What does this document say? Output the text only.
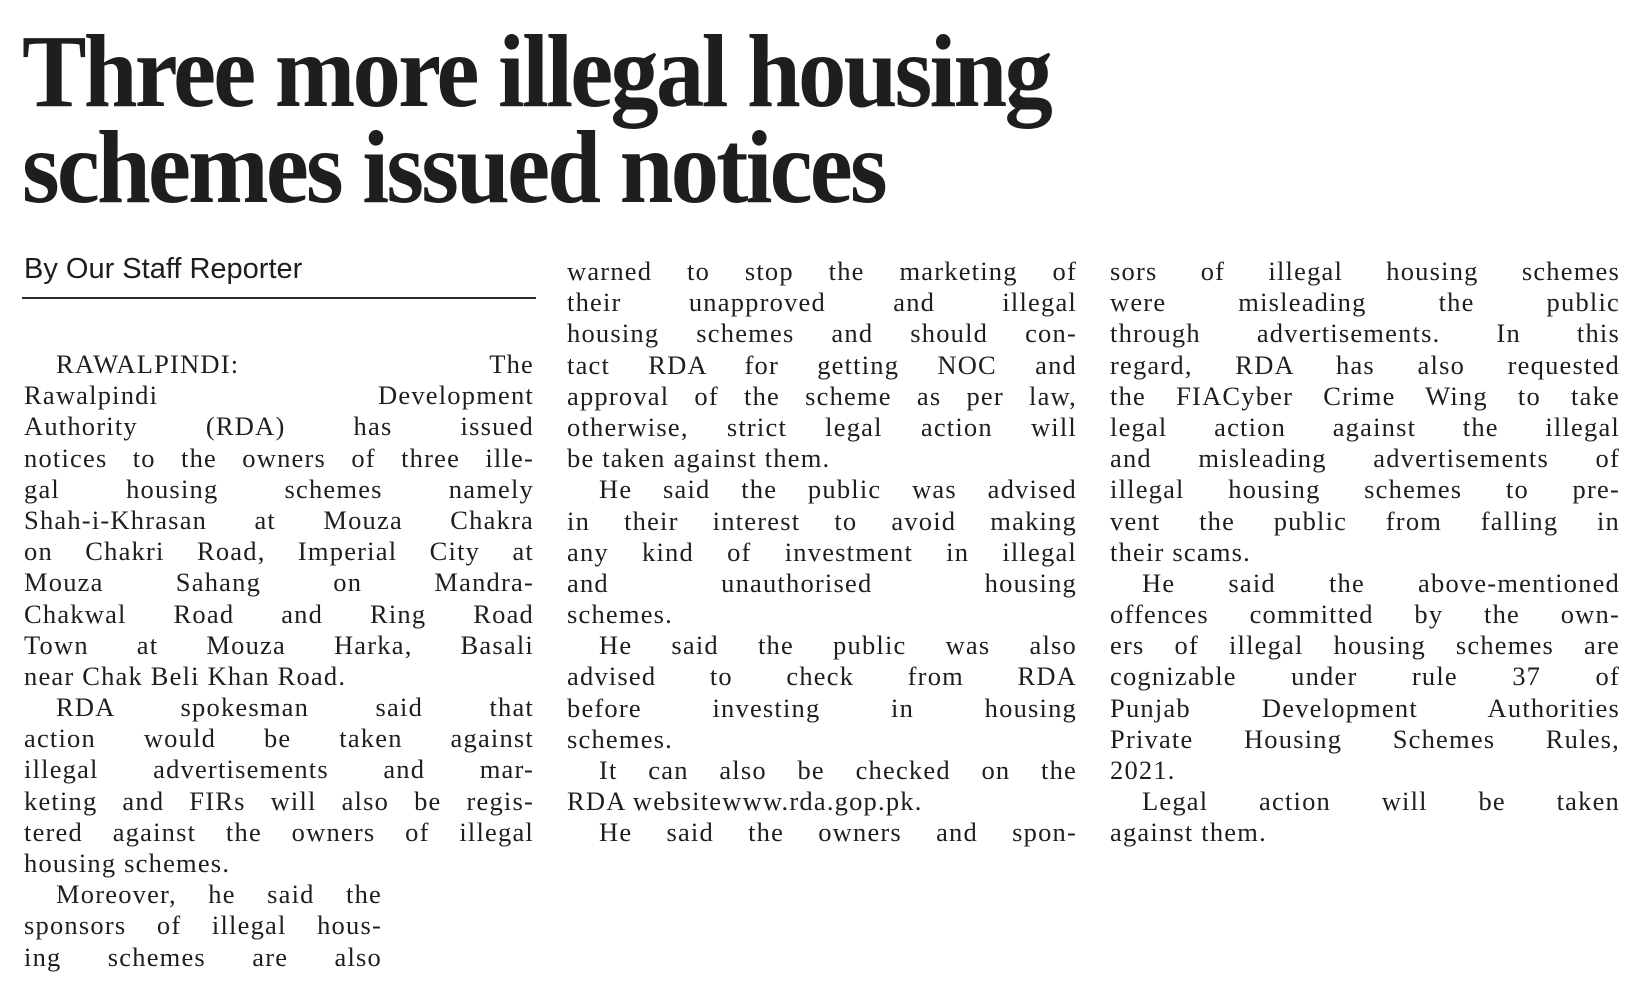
Three more illegal housing
schemes issued notices
By Our Staff Reporter
RAWALPINDI: The
Rawalpindi Development
Authority (RDA) has issued
notices to the owners of three ille-
gal housing schemes namely
Shah-i-Khrasan at Mouza Chakra
on Chakri Road, Imperial City at
Mouza Sahang on Mandra-
Chakwal Road and Ring Road
Town at Mouza Harka, Basali
near Chak Beli Khan Road.
RDA spokesman said that
action would be taken against
illegal advertisements and mar-
keting and FIRs will also be regis-
tered against the owners of illegal
housing schemes.
Moreover, he said the
sponsors of illegal hous-
ing schemes are also
warned to stop the marketing of
their unapproved and illegal
housing schemes and should con-
tact RDA for getting NOC and
approval of the scheme as per law,
otherwise, strict legal action will
be taken against them.
He said the public was advised
in their interest to avoid making
any kind of investment in illegal
and unauthorised housing
schemes.
He said the public was also
advised to check from RDA
before investing in housing
schemes.
It can also be checked on the
RDA websitewww.rda.gop.pk.
He said the owners and spon-
sors of illegal housing schemes
were misleading the public
through advertisements. In this
regard, RDA has also requested
the FIACyber Crime Wing to take
legal action against the illegal
and misleading advertisements of
illegal housing schemes to pre-
vent the public from falling in
their scams.
He said the above-mentioned
offences committed by the own-
ers of illegal housing schemes are
cognizable under rule 37 of
Punjab Development Authorities
Private Housing Schemes Rules,
2021.
Legal action will be taken
against them.
